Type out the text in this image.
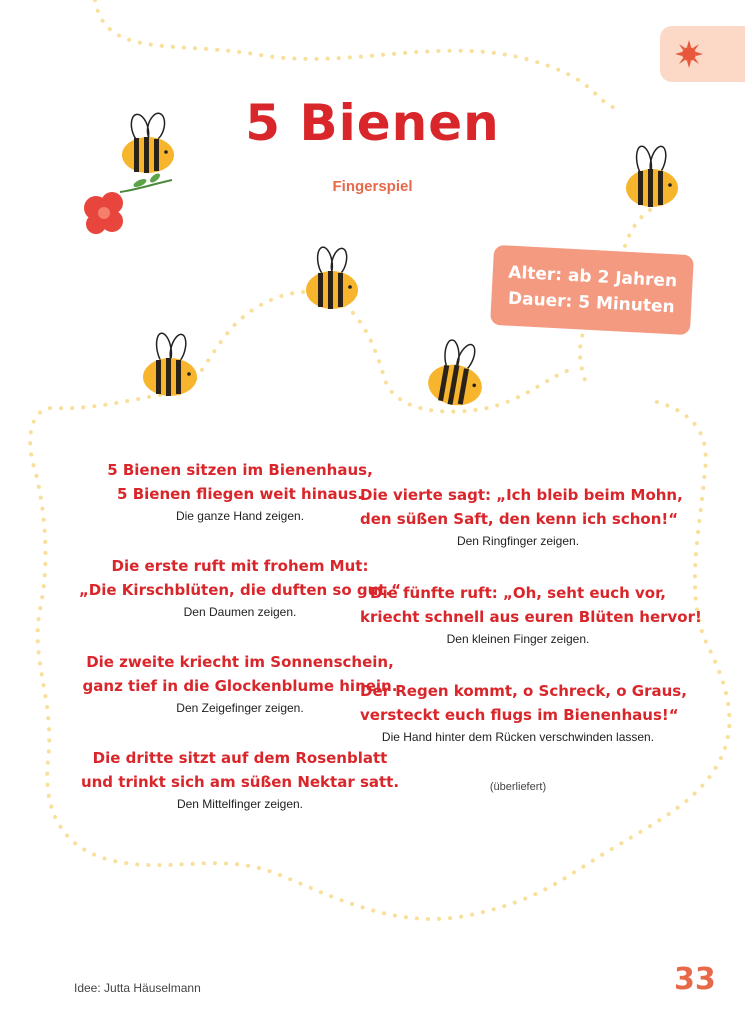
5 Bienen
Fingerspiel
Alter: ab 2 Jahren
Dauer: 5 Minuten
5 Bienen sitzen im Bienenhaus,
5 Bienen fliegen weit hinaus.
Die ganze Hand zeigen.
Die erste ruft mit frohem Mut:
„Die Kirschblüten, die duften so gut.“
Den Daumen zeigen.
Die zweite kriecht im Sonnenschein,
ganz tief in die Glockenblume hinein.
Den Zeigefinger zeigen.
Die dritte sitzt auf dem Rosenblatt
und trinkt sich am süßen Nektar satt.
Den Mittelfinger zeigen.
Die vierte sagt: „Ich bleib beim Mohn,
den süßen Saft, den kenn ich schon!“
Den Ringfinger zeigen.
Die fünfte ruft: „Oh, seht euch vor,
kriecht schnell aus euren Blüten hervor!
Den kleinen Finger zeigen.
Der Regen kommt, o Schreck, o Graus,
versteckt euch flugs im Bienenhaus!“
Die Hand hinter dem Rücken verschwinden lassen.
(überliefert)
Idee: Jutta Häuselmann	33
